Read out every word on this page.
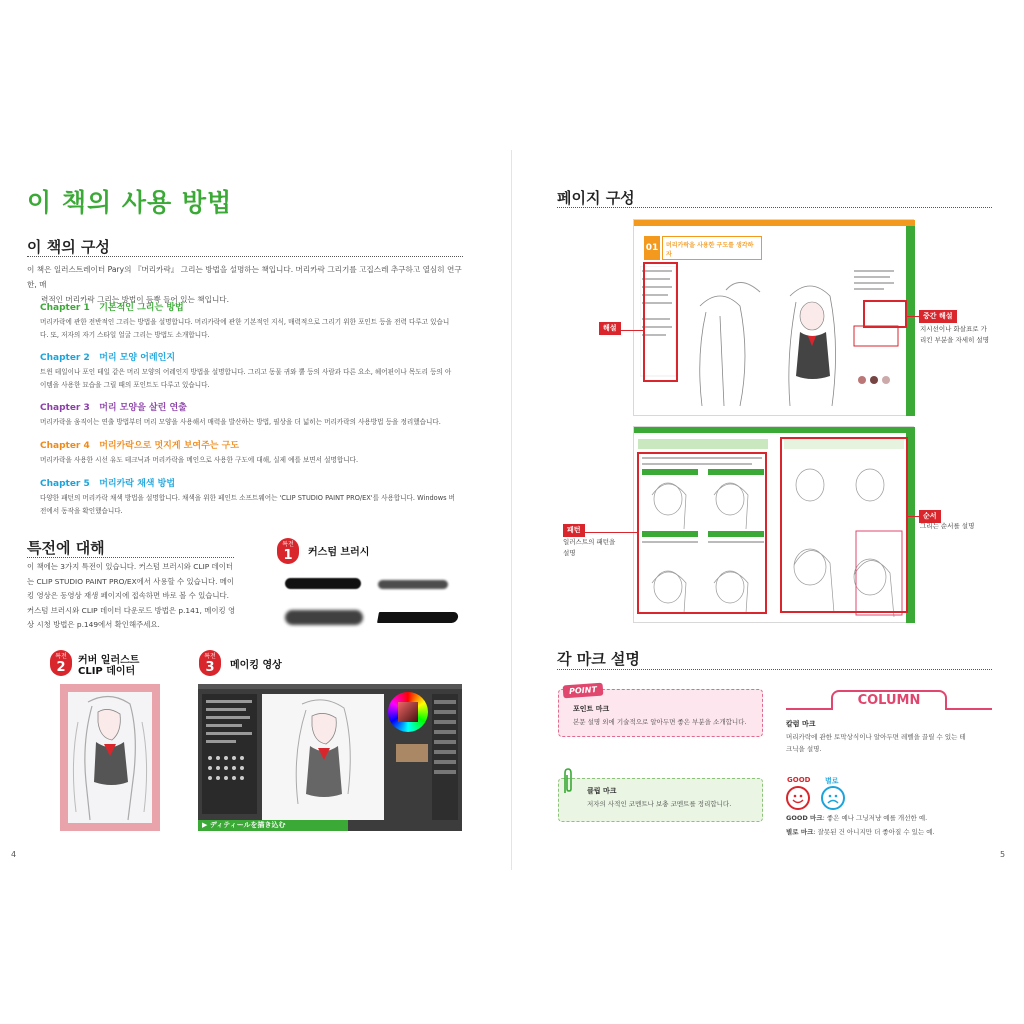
이 책의 사용 방법
이 책의 구성
이 책은 일러스트레이터 Pary의 『머리카락』 그리는 방법을 설명하는 책입니다. 머리카락 그리기를 고집스레 추구하고 열심히 연구한, 매
력적인 머리카락 그리는 방법이 듬뿍 들어 있는 책입니다.
Chapter 1 기본적인 그리는 방법
머리카락에 관한 전반적인 그리는 방법을 설명합니다. 머리카락에 관한 기본적인 지식, 매력적으로 그리기 위한 포인트 등을 전력 다루고 있습니
다. 또, 저자의 자기 스타일 얼굴 그리는 방법도 소개합니다.
Chapter 2 머리 모양 어레인지
트윈 테일이나 포인 테일 같은 머리 모양의 어레인지 방법을 설명합니다. 그리고 동물 귀와 뿔 등의 사람과 다른 요소, 헤어핀이나 목도리 등의 아
이템을 사용한 묘습을 그릴 때의 포인트도 다루고 있습니다.
Chapter 3 머리 모양을 살린 연출
머리카락을 움직이는 연출 방법부터 머리 모양을 사용해서 매력을 발산하는 방법, 필상을 더 넓히는 머리카락의 사용방법 등을 정리했습니다.
Chapter 4 머리카락으로 멋지게 보여주는 구도
머리카락을 사용한 시선 유도 테크닉과 머리카락을 메인으로 사용한 구도에 대해, 실제 예를 보면서 설명합니다.
Chapter 5 머리카락 채색 방법
다양한 패턴의 머리카락 채색 방법을 설명합니다. 채색을 위한 페인트 소프트웨어는 'CLIP STUDIO PAINT PRO/EX'를 사용합니다. Windows 버
전에서 동작을 확인했습니다.
특전에 대해
이 책에는 3가지 특전이 있습니다. 커스텀 브러시와 CLIP 데이터
는 CLIP STUDIO PAINT PRO/EX에서 사용할 수 있습니다. 메이
킹 영상은 동영상 재생 페이지에 접속하면 바로 볼 수 있습니다.
커스텀 브러시와 CLIP 데이터 다운로드 방법은 p.141, 메이킹 영
상 시청 방법은 p.149에서 확인해주세요.
특전
1	커스텀 브러시
특전
2	커버 일러스트
CLIP 데이터
특전
3	메이킹 영상
▶ ディティールを描き込む
4
페이지 구성
01	머리카락을 사용한 구도를 생각하자
해설
중간 해설
지시선이나 화살표로 가
리킨 부분을 자세히 설명
패턴
일러스트의 패턴을
설명
순서
그리는 순서를 설명
각 마크 설명
POINT
포인트 마크
본문 설명 외에 기술적으로 알아두면 좋은 부분을 소개합니다.
클립 마크
저자의 사적인 코멘트나 보충 코멘트를 정리합니다.
COLUMN
칼럼 마크
머리카락에 관한 토막상식이나 알아두면 레벨을 끌릴 수 있는 테
크닉을 설명.
GOOD 별로
GOOD 마크: 좋은 예나 그닝저냥 예를 개선한 예.
별로 마크: 잘못된 건 아니지만 더 좋아질 수 있는 예.
5
